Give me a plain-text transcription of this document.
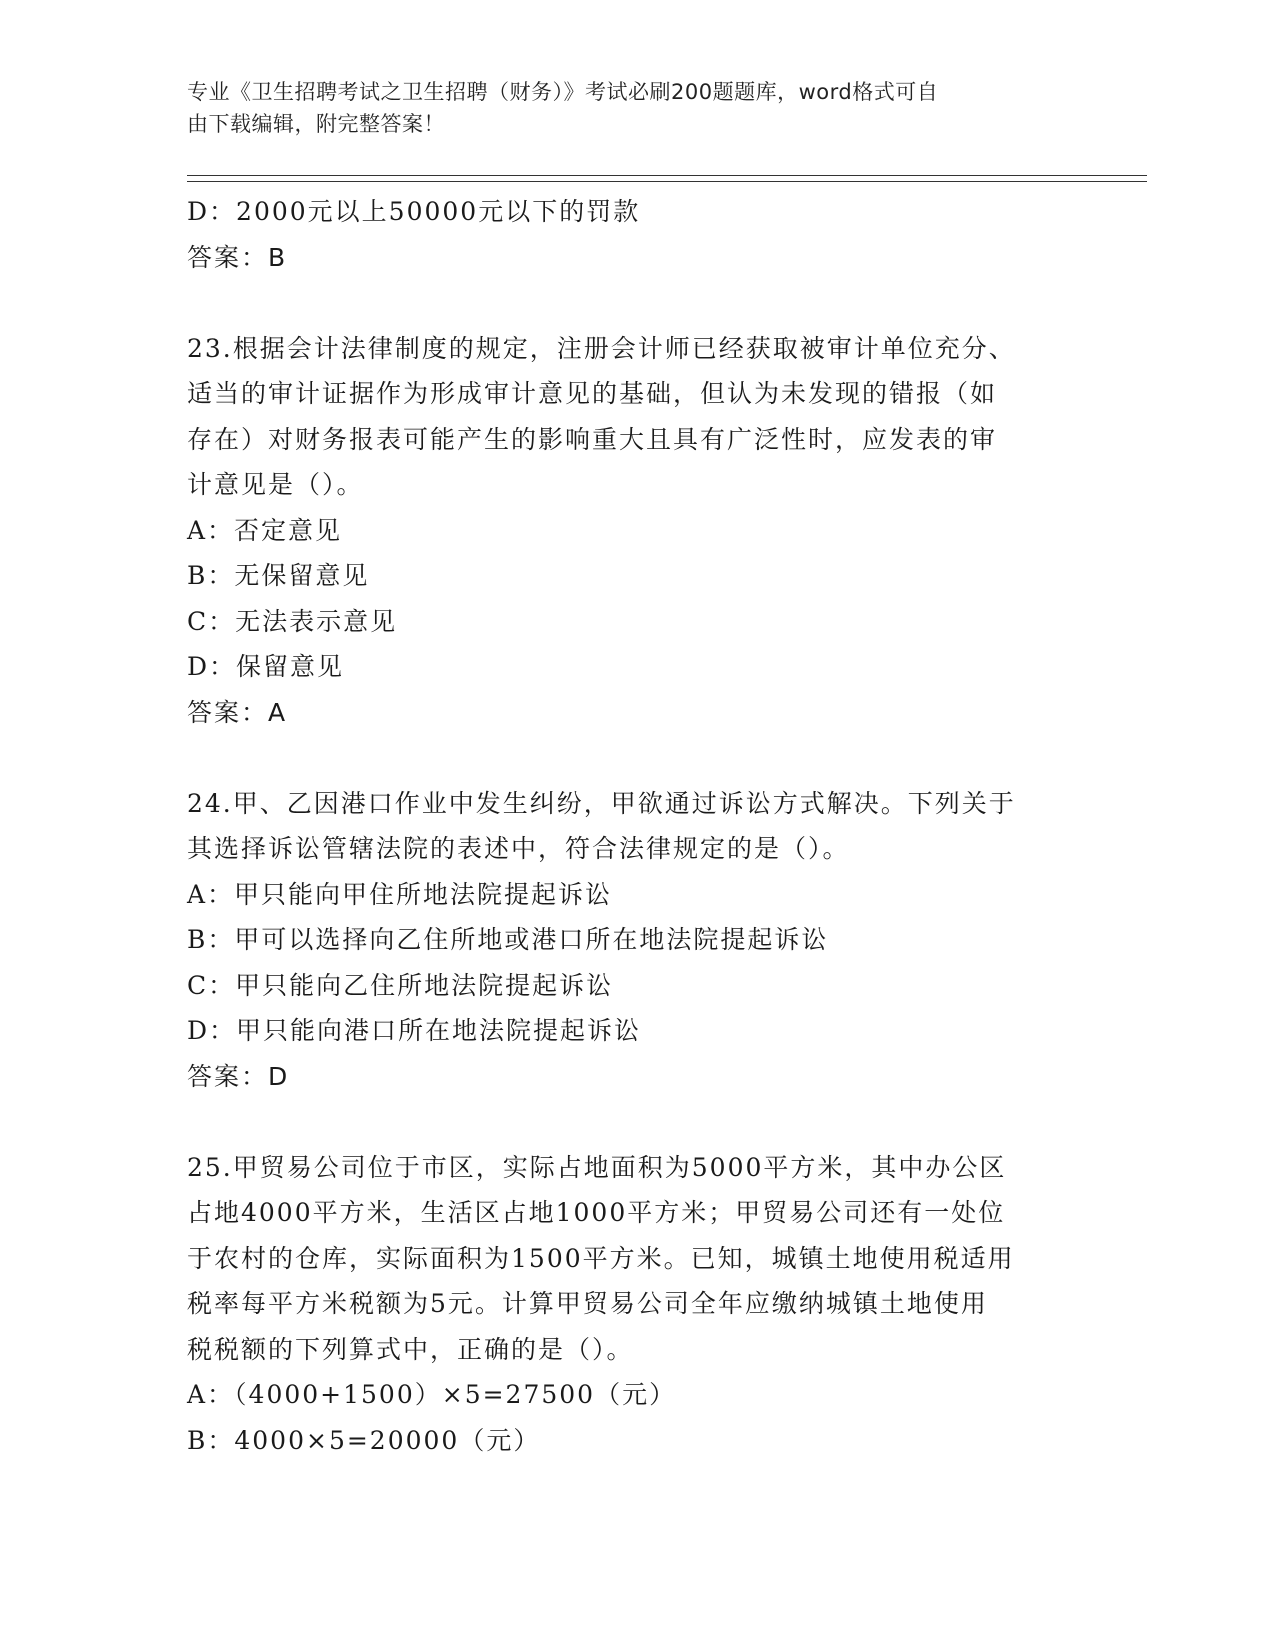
专业《卫生招聘考试之卫生招聘（财务）》考试必刷200题题库，word格式可自
由下载编辑，附完整答案！
D：2000元以上50000元以下的罚款
答案：B
23.根据会计法律制度的规定，注册会计师已经获取被审计单位充分、
适当的审计证据作为形成审计意见的基础，但认为未发现的错报（如
存在）对财务报表可能产生的影响重大且具有广泛性时，应发表的审
计意见是（）。
A：否定意见
B：无保留意见
C：无法表示意见
D：保留意见
答案：A
24.甲、乙因港口作业中发生纠纷，甲欲通过诉讼方式解决。下列关于
其选择诉讼管辖法院的表述中，符合法律规定的是（）。
A：甲只能向甲住所地法院提起诉讼
B：甲可以选择向乙住所地或港口所在地法院提起诉讼
C：甲只能向乙住所地法院提起诉讼
D：甲只能向港口所在地法院提起诉讼
答案：D
25.甲贸易公司位于市区，实际占地面积为5000平方米，其中办公区
占地4000平方米，生活区占地1000平方米；甲贸易公司还有一处位
于农村的仓库，实际面积为1500平方米。已知，城镇土地使用税适用
税率每平方米税额为5元。计算甲贸易公司全年应缴纳城镇土地使用
税税额的下列算式中，正确的是（）。
A：（4000+1500）×5=27500（元）
B：4000×5=20000（元）
